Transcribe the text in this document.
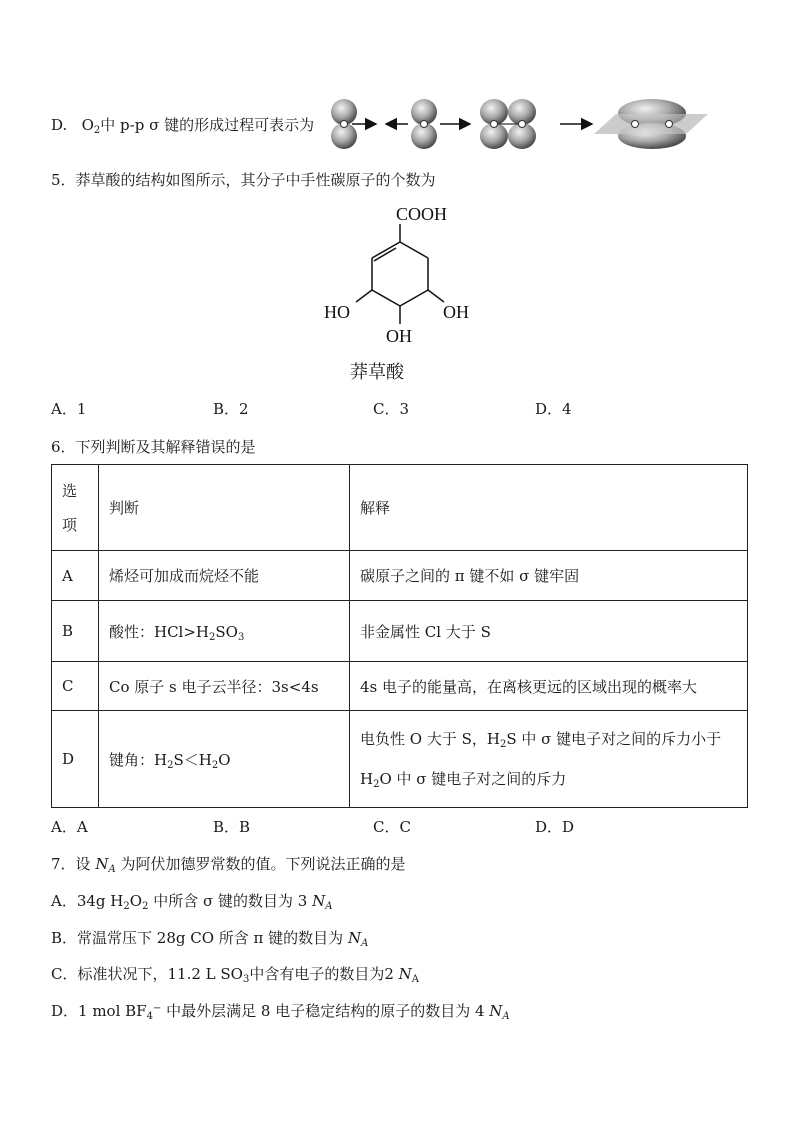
D. $O_2$中 p-p σ 键的形成过程可表示为
5．莽草酸的结构如图所示，其分子中手性碳原子的个数为
COOH
HO	OH
OH
莽草酸
A．1	B．2	C．3	D．4
6．下列判断及其解释错误的是
选
项	判断	解释
A	烯烃可加成而烷烃不能	碳原子之间的 π 键不如 σ 键牢固
B	酸性：$HCl>H_2SO_3$	非金属性 Cl 大于 S
C	Co 原子 s 电子云半径：3s<4s	4s 电子的能量高，在离核更远的区域出现的概率大
D	键角：$H_2S<H_2O$	电负性 O 大于 S，$H_2S$ 中 σ 键电子对之间的斥力小于
$H_2O$ 中 σ 键电子对之间的斥力
A．A	B．B	C．C	D．D
7．设 $N_A$ 为阿伏加德罗常数的值。下列说法正确的是
A．34g $H_2O_2$ 中所含 σ 键的数目为 3 $N_A$
B．常温常压下 28g CO 所含 π 键的数目为 $N_A$
C．标准状况下，11.2 L $SO_3$中含有电子的数目为2 $N_A$
D．1 mol $BF_4^-$ 中最外层满足 8 电子稳定结构的原子的数目为 4 $N_A$
